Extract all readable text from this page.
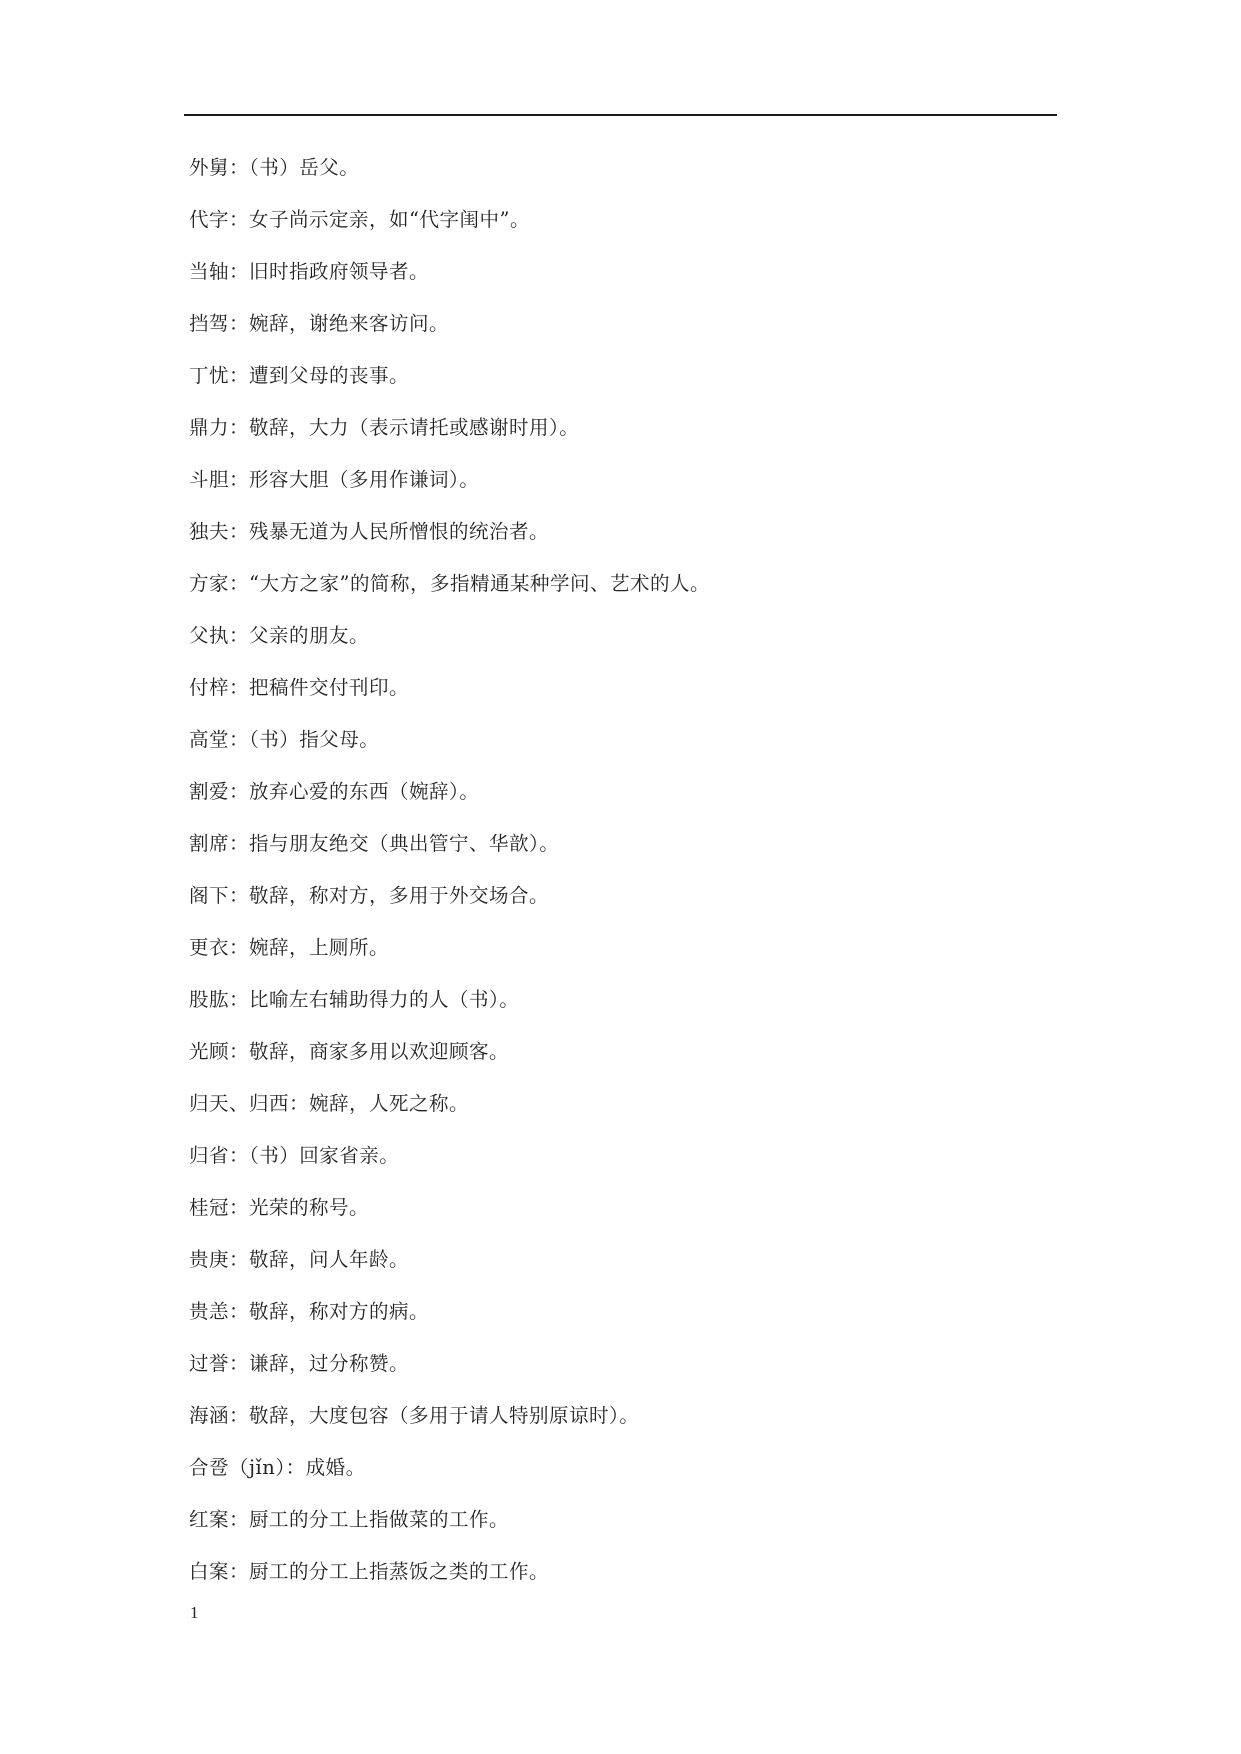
外舅：（书）岳父。
代字：女子尚示定亲，如“代字闺中”。
当轴：旧时指政府领导者。
挡驾：婉辞，谢绝来客访问。
丁忧：遭到父母的丧事。
鼎力：敬辞，大力（表示请托或感谢时用）。
斗胆：形容大胆（多用作谦词）。
独夫：残暴无道为人民所憎恨的统治者。
方家：“大方之家”的简称，多指精通某种学问、艺术的人。
父执：父亲的朋友。
付梓：把稿件交付刊印。
高堂：（书）指父母。
割爱：放弃心爱的东西（婉辞）。
割席：指与朋友绝交（典出管宁、华歆）。
阁下：敬辞，称对方，多用于外交场合。
更衣：婉辞，上厕所。
股肱：比喻左右辅助得力的人（书）。
光顾：敬辞，商家多用以欢迎顾客。
归天、归西：婉辞，人死之称。
归省：（书）回家省亲。
桂冠：光荣的称号。
贵庚：敬辞，问人年龄。
贵恙：敬辞，称对方的病。
过誉：谦辞，过分称赞。
海涵：敬辞，大度包容（多用于请人特别原谅时）。
合卺（jǐn）：成婚。
红案：厨工的分工上指做菜的工作。
白案：厨工的分工上指蒸饭之类的工作。
1
